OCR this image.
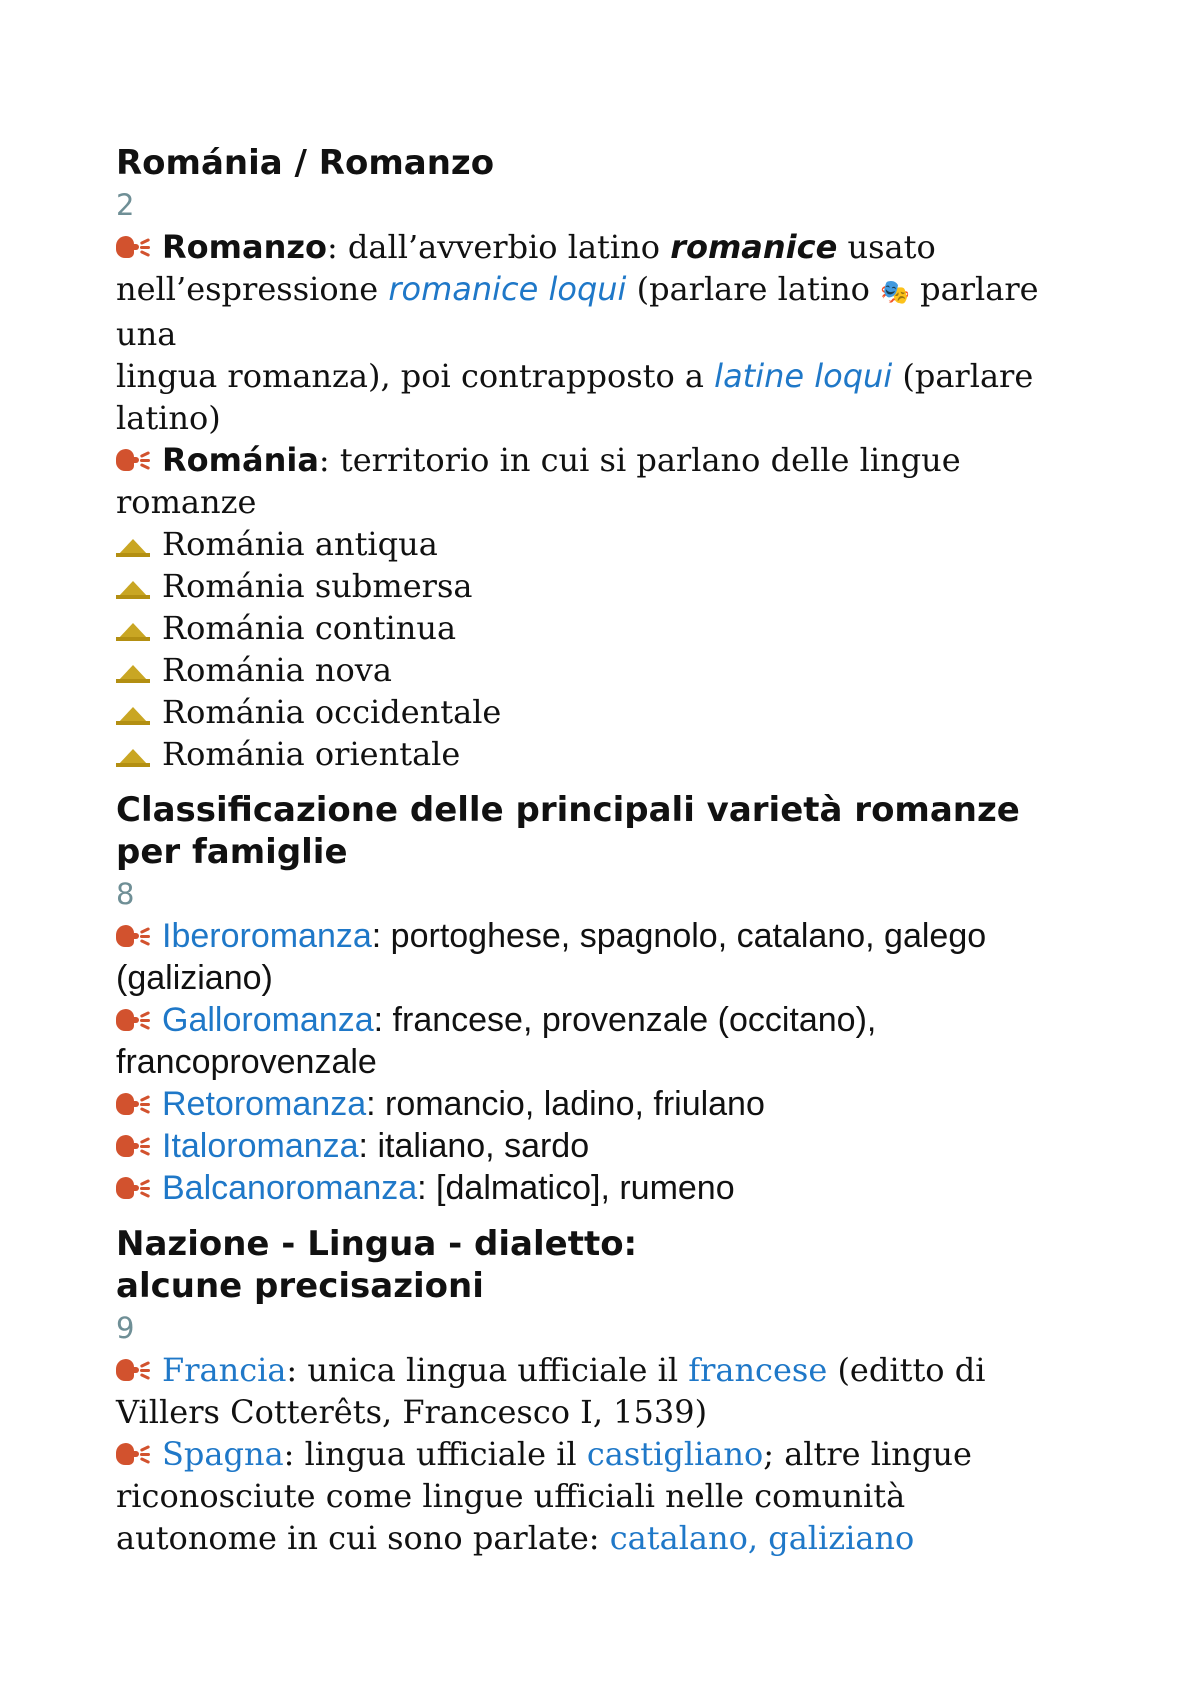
Románia / Romanzo
2
Romanzo: dall’avverbio latino romanice usato
nell’espressione romanice loqui (parlare latino 🎭 parlare
una
lingua romanza), poi contrapposto a latine loqui (parlare
latino)
Románia: territorio in cui si parlano delle lingue
romanze
Románia antiqua
Románia submersa
Románia continua
Románia nova
Románia occidentale
Románia orientale
Classificazione delle principali varietà romanze
per famiglie
8
Iberoromanza: portoghese, spagnolo, catalano, galego
(galiziano)
Galloromanza: francese, provenzale (occitano),
francoprovenzale
Retoromanza: romancio, ladino, friulano
Italoromanza: italiano, sardo
Balcanoromanza: [dalmatico], rumeno
Nazione - Lingua - dialetto:
alcune precisazioni
9
Francia: unica lingua ufficiale il francese (editto di
Villers Cotterêts, Francesco I, 1539)
Spagna: lingua ufficiale il castigliano; altre lingue
riconosciute come lingue ufficiali nelle comunità
autonome in cui sono parlate: catalano, galiziano
